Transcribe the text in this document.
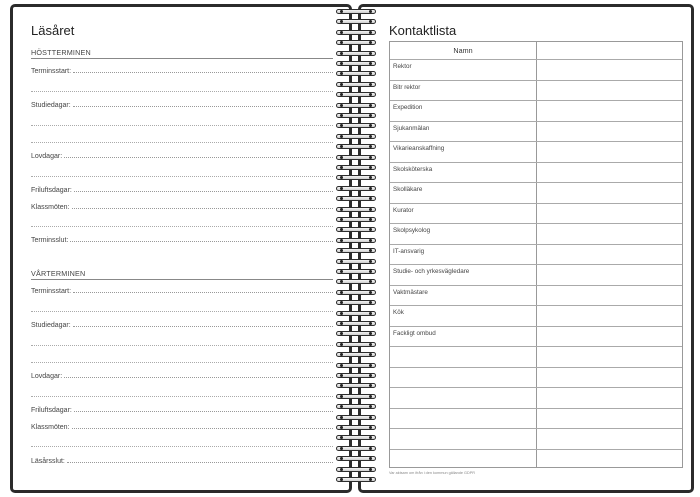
Läsåret
HÖSTTERMINEN
Terminsstart:
Studiedagar:
Lovdagar:
Friluftsdagar:
Klassmöten:
Terminsslut:
VÅRTERMINEN
Terminsstart:
Studiedagar:
Lovdagar:
Friluftsdagar:
Klassmöten:
Läsårsslut:
Kontaktlista
Namn
Rektor
Bitr rektor
Expedition
Sjukanmälan
Vikarieanskaffning
Skolsköterska
Skolläkare
Kurator
Skolpsykolog
IT-ansvarig
Studie- och yrkesvägledare
Vaktmästare
Kök
Fackligt ombud
Var aktsam om ifrån i den kommun gällande GDPR
